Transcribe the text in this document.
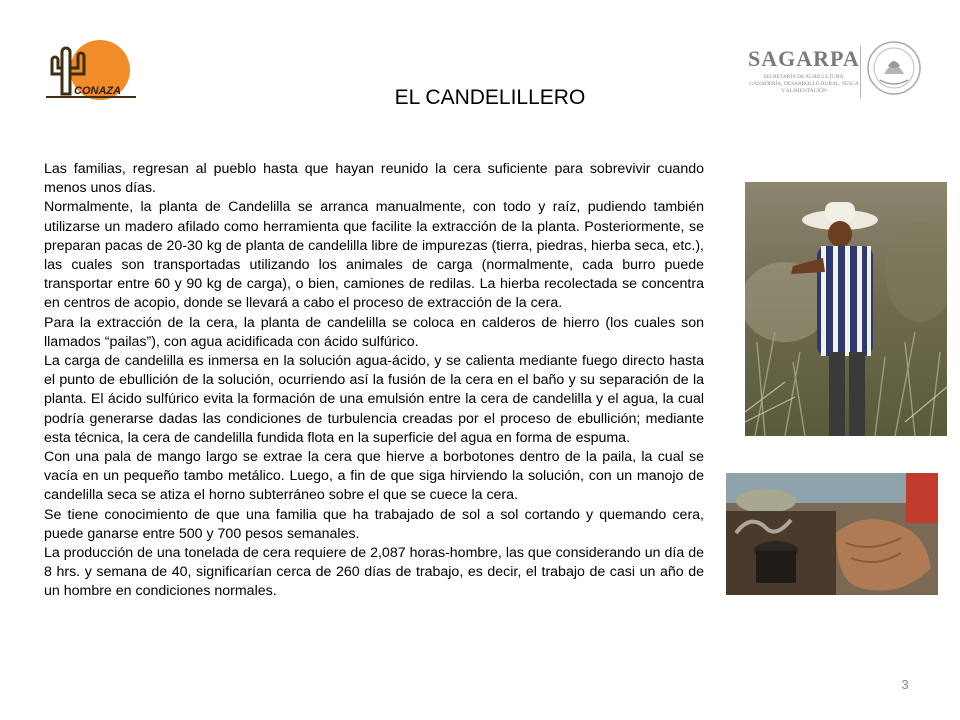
CONAZA
SAGARPA
SECRETARÍA DE AGRICULTURA, GANADERÍA, DESARROLLO RURAL, PESCA Y ALIMENTACIÓN
EL CANDELILLERO

Las familias, regresan al pueblo hasta que hayan reunido la cera suficiente para sobrevivir cuando menos unos días.

Normalmente, la planta de Candelilla se arranca manualmente, con todo y raíz, pudiendo también utilizarse un madero afilado como herramienta que facilite la extracción de la planta. Posteriormente, se preparan pacas de 20-30 kg de planta de candelilla libre de impurezas (tierra, piedras, hierba seca, etc.), las cuales son transportadas utilizando los animales de carga (normalmente, cada burro puede transportar entre 60 y 90 kg de carga), o bien, camiones de redilas. La hierba recolectada se concentra en centros de acopio, donde se llevará a cabo el proceso de extracción de la cera.

Para la extracción de la cera, la planta de candelilla se coloca en calderos de hierro (los cuales son llamados “pailas”), con agua acidificada con ácido sulfúrico.

La carga de candelilla es inmersa en la solución agua-ácido, y se calienta mediante fuego directo hasta el punto de ebullición de la solución, ocurriendo así la fusión de la cera en el baño y su separación de la planta. El ácido sulfúrico evita la formación de una emulsión entre la cera de candelilla y el agua, la cual podría generarse dadas las condiciones de turbulencia creadas por el proceso de ebullición; mediante esta técnica, la cera de candelilla fundida flota en la superficie del agua en forma de espuma.

Con una pala de mango largo se extrae la cera que hierve a borbotones dentro de la paila, la cual se vacía en un pequeño tambo metálico. Luego, a fin de que siga hirviendo la solución, con un manojo de candelilla seca se atiza el horno subterráneo sobre el que se cuece la cera.

Se tiene conocimiento de que una familia que ha trabajado de sol a sol cortando y quemando cera, puede ganarse entre 500 y 700 pesos semanales.

La producción de una tonelada de cera requiere de 2,087 horas-hombre, las que considerando un día de 8 hrs. y semana de 40, significarían cerca de 260 días de trabajo, es decir, el trabajo de casi un año de un hombre en condiciones normales.

3
